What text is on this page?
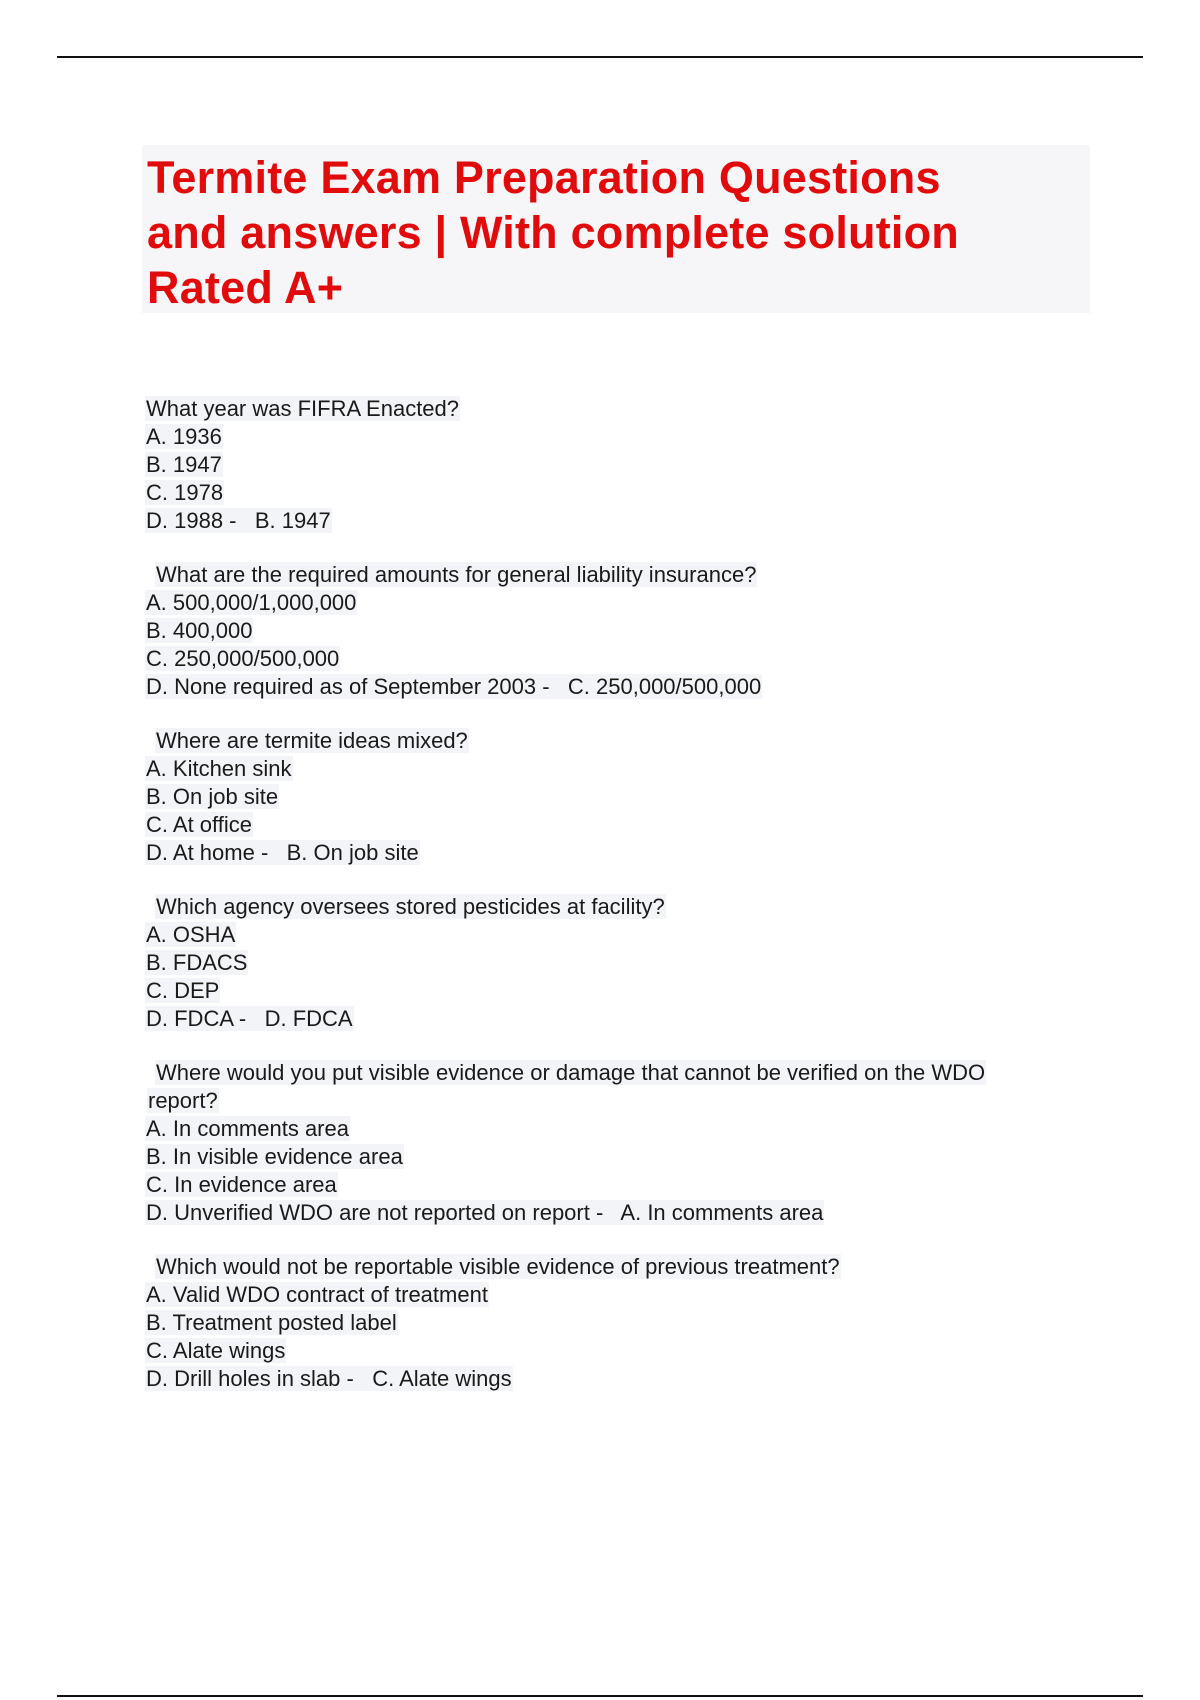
Termite Exam Preparation Questions
and answers | With complete solution
Rated A+
What year was FIFRA Enacted?
A. 1936
B. 1947
C. 1978
D. 1988 -   B. 1947
What are the required amounts for general liability insurance?
A. 500,000/1,000,000
B. 400,000
C. 250,000/500,000
D. None required as of September 2003 -   C. 250,000/500,000
Where are termite ideas mixed?
A. Kitchen sink
B. On job site
C. At office
D. At home -   B. On job site
Which agency oversees stored pesticides at facility?
A. OSHA
B. FDACS
C. DEP
D. FDCA -   D. FDCA
Where would you put visible evidence or damage that cannot be verified on the WDO
report?
A. In comments area
B. In visible evidence area
C. In evidence area
D. Unverified WDO are not reported on report -   A. In comments area
Which would not be reportable visible evidence of previous treatment?
A. Valid WDO contract of treatment
B. Treatment posted label
C. Alate wings
D. Drill holes in slab -   C. Alate wings
